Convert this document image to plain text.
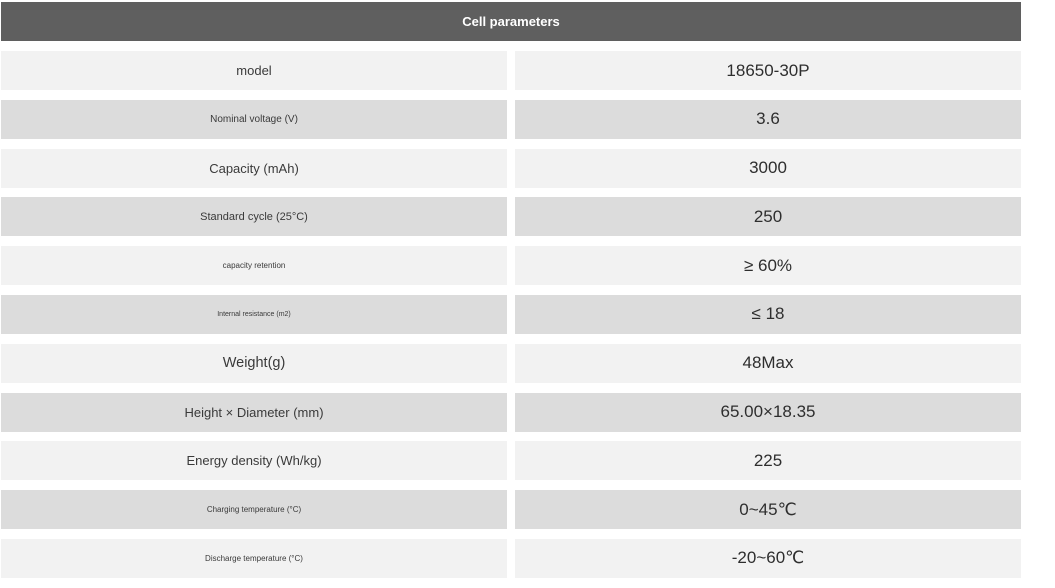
Cell parameters
model	18650-30P
Nominal voltage (V)	3.6
Capacity (mAh)	3000
Standard cycle (25°C)	250
capacity retention	≥ 60%
Internal resistance (m2)	≤ 18
Weight(g)	48Max
Height × Diameter (mm)	65.00×18.35
Energy density (Wh/kg)	225
Charging temperature (°C)	0~45℃
Discharge temperature (°C)	-20~60℃
